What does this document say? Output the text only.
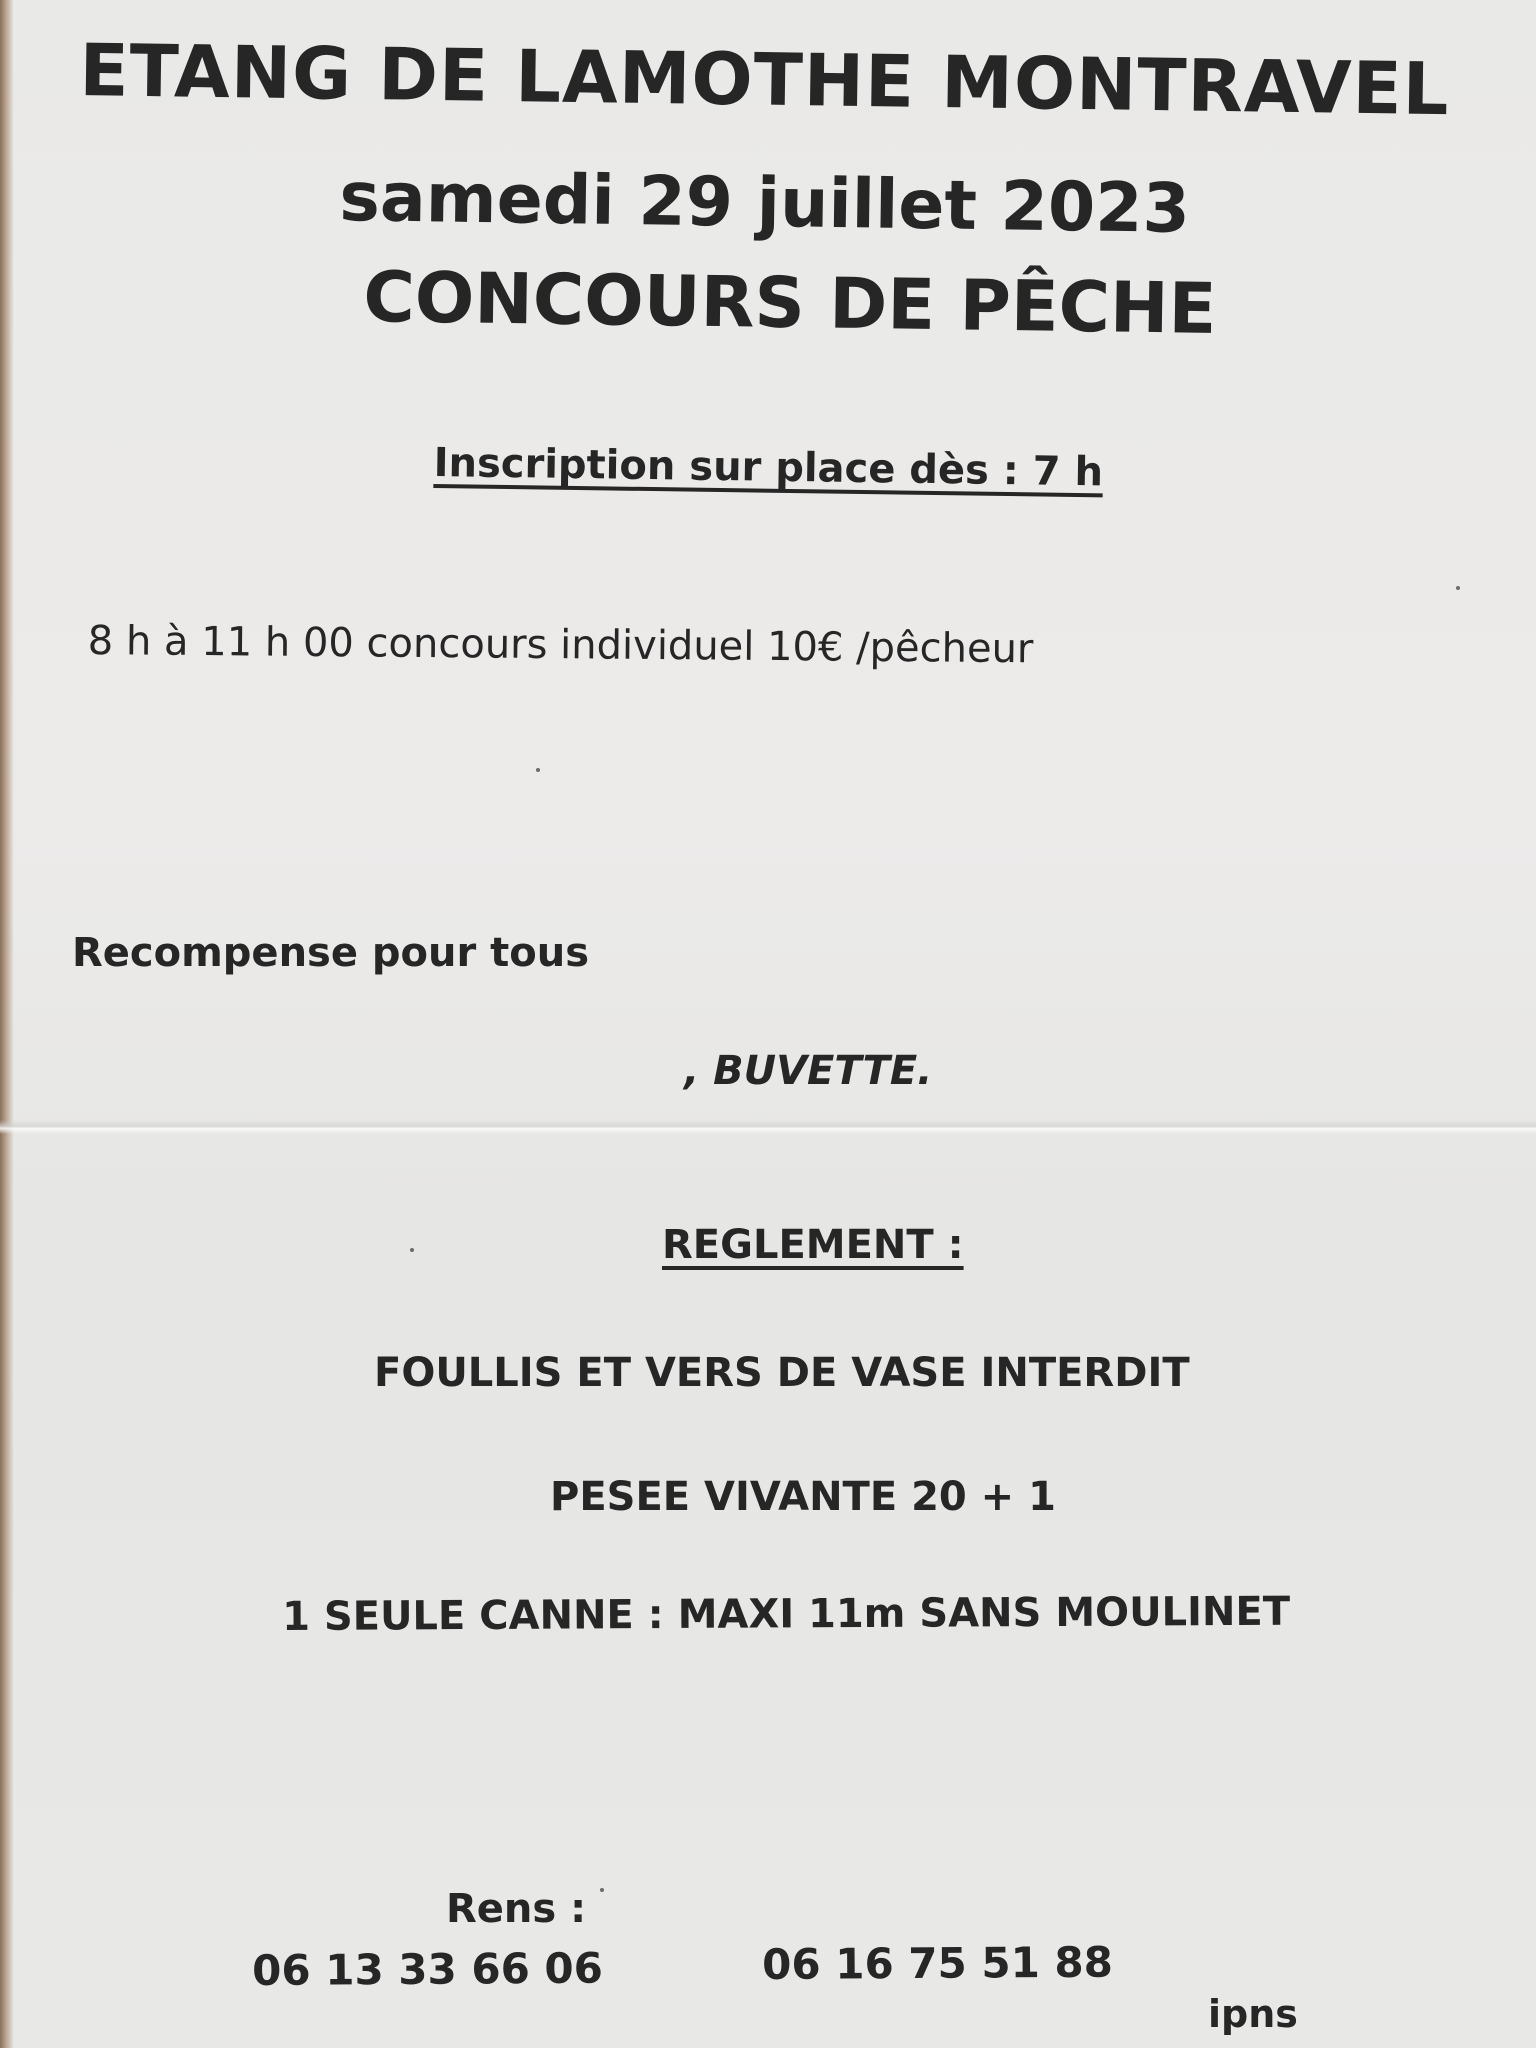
ETANG DE LAMOTHE MONTRAVEL
samedi 29 juillet 2023
CONCOURS DE PÊCHE
Inscription sur place dès : 7 h
8 h à 11 h 00 concours individuel 10€ /pêcheur
Recompense pour tous
, BUVETTE.
REGLEMENT :
FOULLIS ET VERS DE VASE INTERDIT
PESEE VIVANTE 20 + 1
1 SEULE CANNE : MAXI 11m SANS MOULINET
Rens :
06 13 33 66 06	06 16 75 51 88
ipns
